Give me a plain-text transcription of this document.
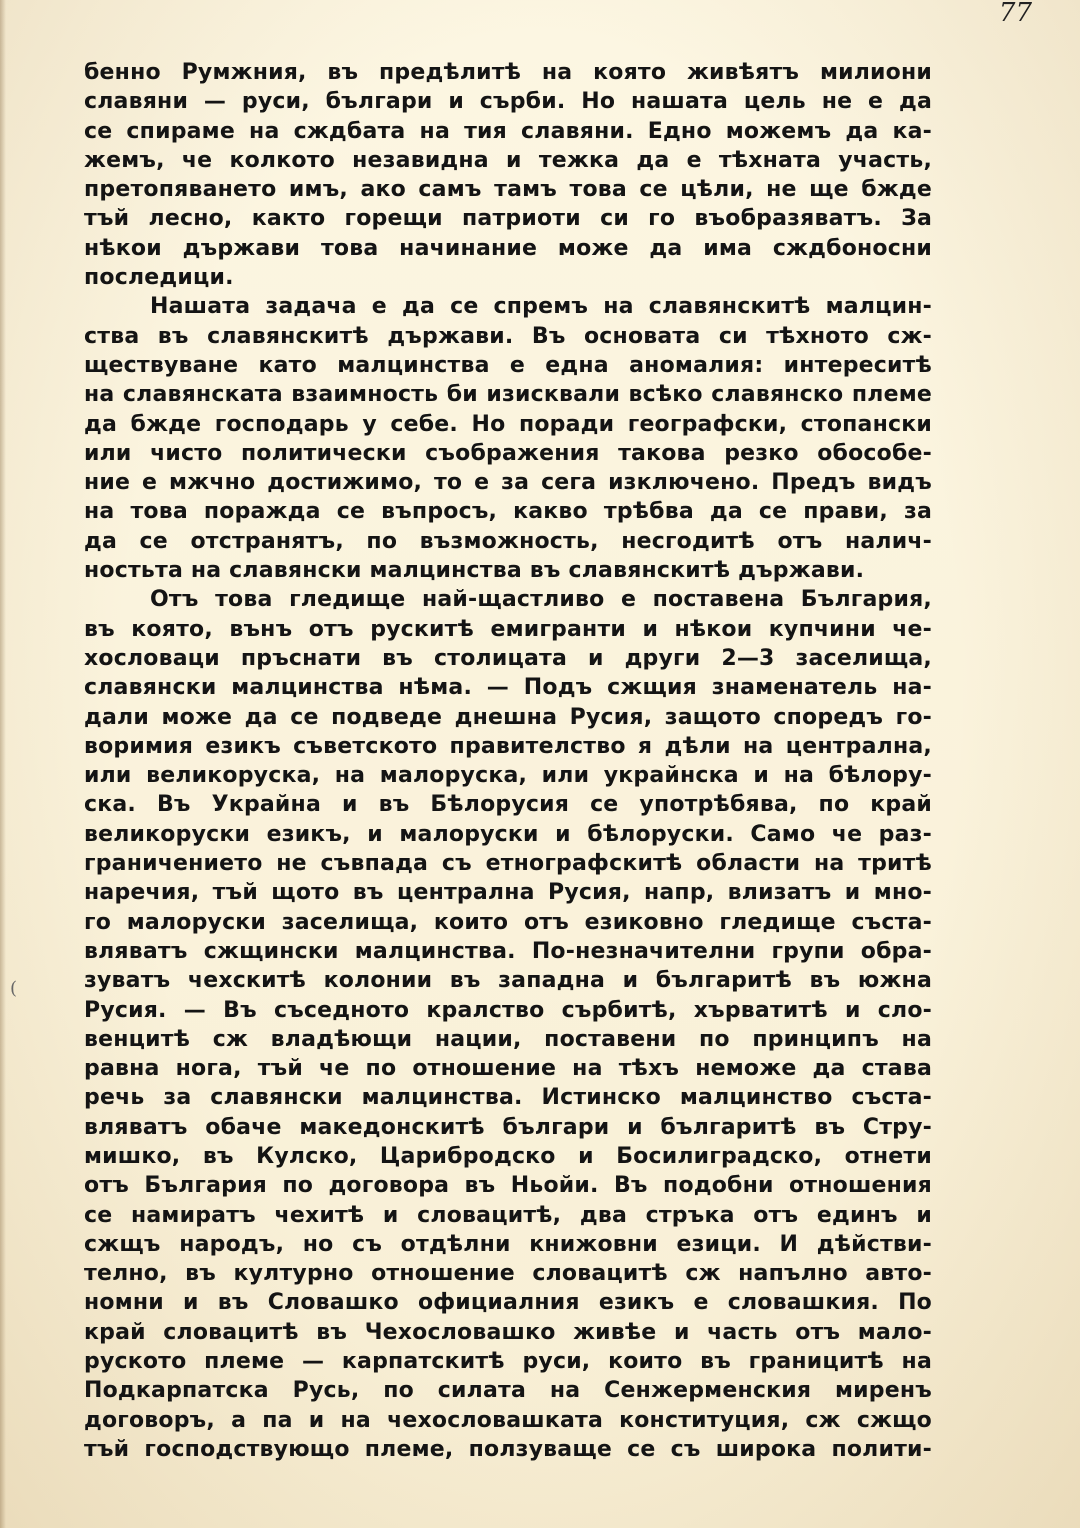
77
(
бенно Румжния, въ предѣлитѣ на която живѣятъ милиони
славяни — руси, българи и сърби. Но нашата цель не е да
се спираме на сждбата на тия славяни. Едно можемъ да ка-
жемъ, че колкото незавидна и тежка да е тѣхната участь,
претопяването имъ, ако самъ тамъ това се цѣли, не ще бжде
тъй лесно, както горещи патриоти си го въобразяватъ. За
нѣкои държави това начинание може да има сждбоносни
последици.
Нашата задача е да се спремъ на славянскитѣ малцин-
ства въ славянскитѣ държави. Въ основата си тѣхното сж-
ществуване като малцинства е една аномалия: интереситѣ
на славянската взаимность би изисквали всѣко славянско племе
да бжде господарь у себе. Но поради географски, стопански
или чисто политически съображения такова резко обособе-
ние е мжчно достижимо, то е за сега изключено. Предъ видъ
на това поражда се въпросъ, какво трѣбва да се прави, за
да се отстранятъ, по възможность, несгодитѣ отъ налич-
ностьта на славянски малцинства въ славянскитѣ държави.
Отъ това гледище най-щастливо е поставена България,
въ която, вънъ отъ рускитѣ емигранти и нѣкои купчини че-
хословаци пръснати въ столицата и други 2—3 заселища,
славянски малцинства нѣма. — Подъ сжщия знаменатель на-
дали може да се подведе днешна Русия, защото споредъ го-
воримия езикъ съветското правителство я дѣли на централна,
или великоруска, на малоруска, или украйнска и на бѣлору-
ска. Въ Украйна и въ Бѣлорусия се употрѣбява, по край
великоруски езикъ, и малоруски и бѣлоруски. Само че раз-
граничението не съвпада съ етнографскитѣ области на тритѣ
наречия, тъй щото въ централна Русия, напр, влизатъ и мно-
го малоруски заселища, които отъ езиковно гледище съста-
вляватъ сжщински малцинства. По-незначителни групи обра-
зуватъ чехскитѣ колонии въ западна и българитѣ въ южна
Русия. — Въ съседното кралство сърбитѣ, хърватитѣ и сло-
венцитѣ сж владѣющи нации, поставени по принципъ на
равна нога, тъй че по отношение на тѣхъ неможе да става
речь за славянски малцинства. Истинско малцинство съста-
вляватъ обаче македонскитѣ българи и българитѣ въ Стру-
мишко, въ Кулско, Царибродско и Босилиградско, отнети
отъ България по договора въ Ньойи. Въ подобни отношения
се намиратъ чехитѣ и словацитѣ, два стръка отъ единъ и
сжщъ народъ, но съ отдѣлни книжовни езици. И дѣйстви-
телно, въ културно отношение словацитѣ сж напълно авто-
номни и въ Словашко официалния езикъ е словашкия. По
край словацитѣ въ Чехословашко живѣе и часть отъ мало-
руското племе — карпатскитѣ руси, които въ границитѣ на
Подкарпатска Русь, по силата на Сенжерменския миренъ
договоръ, а па и на чехословашката конституция, сж сжщо
тъй господствующо племе, ползуваще се съ широка полити-
